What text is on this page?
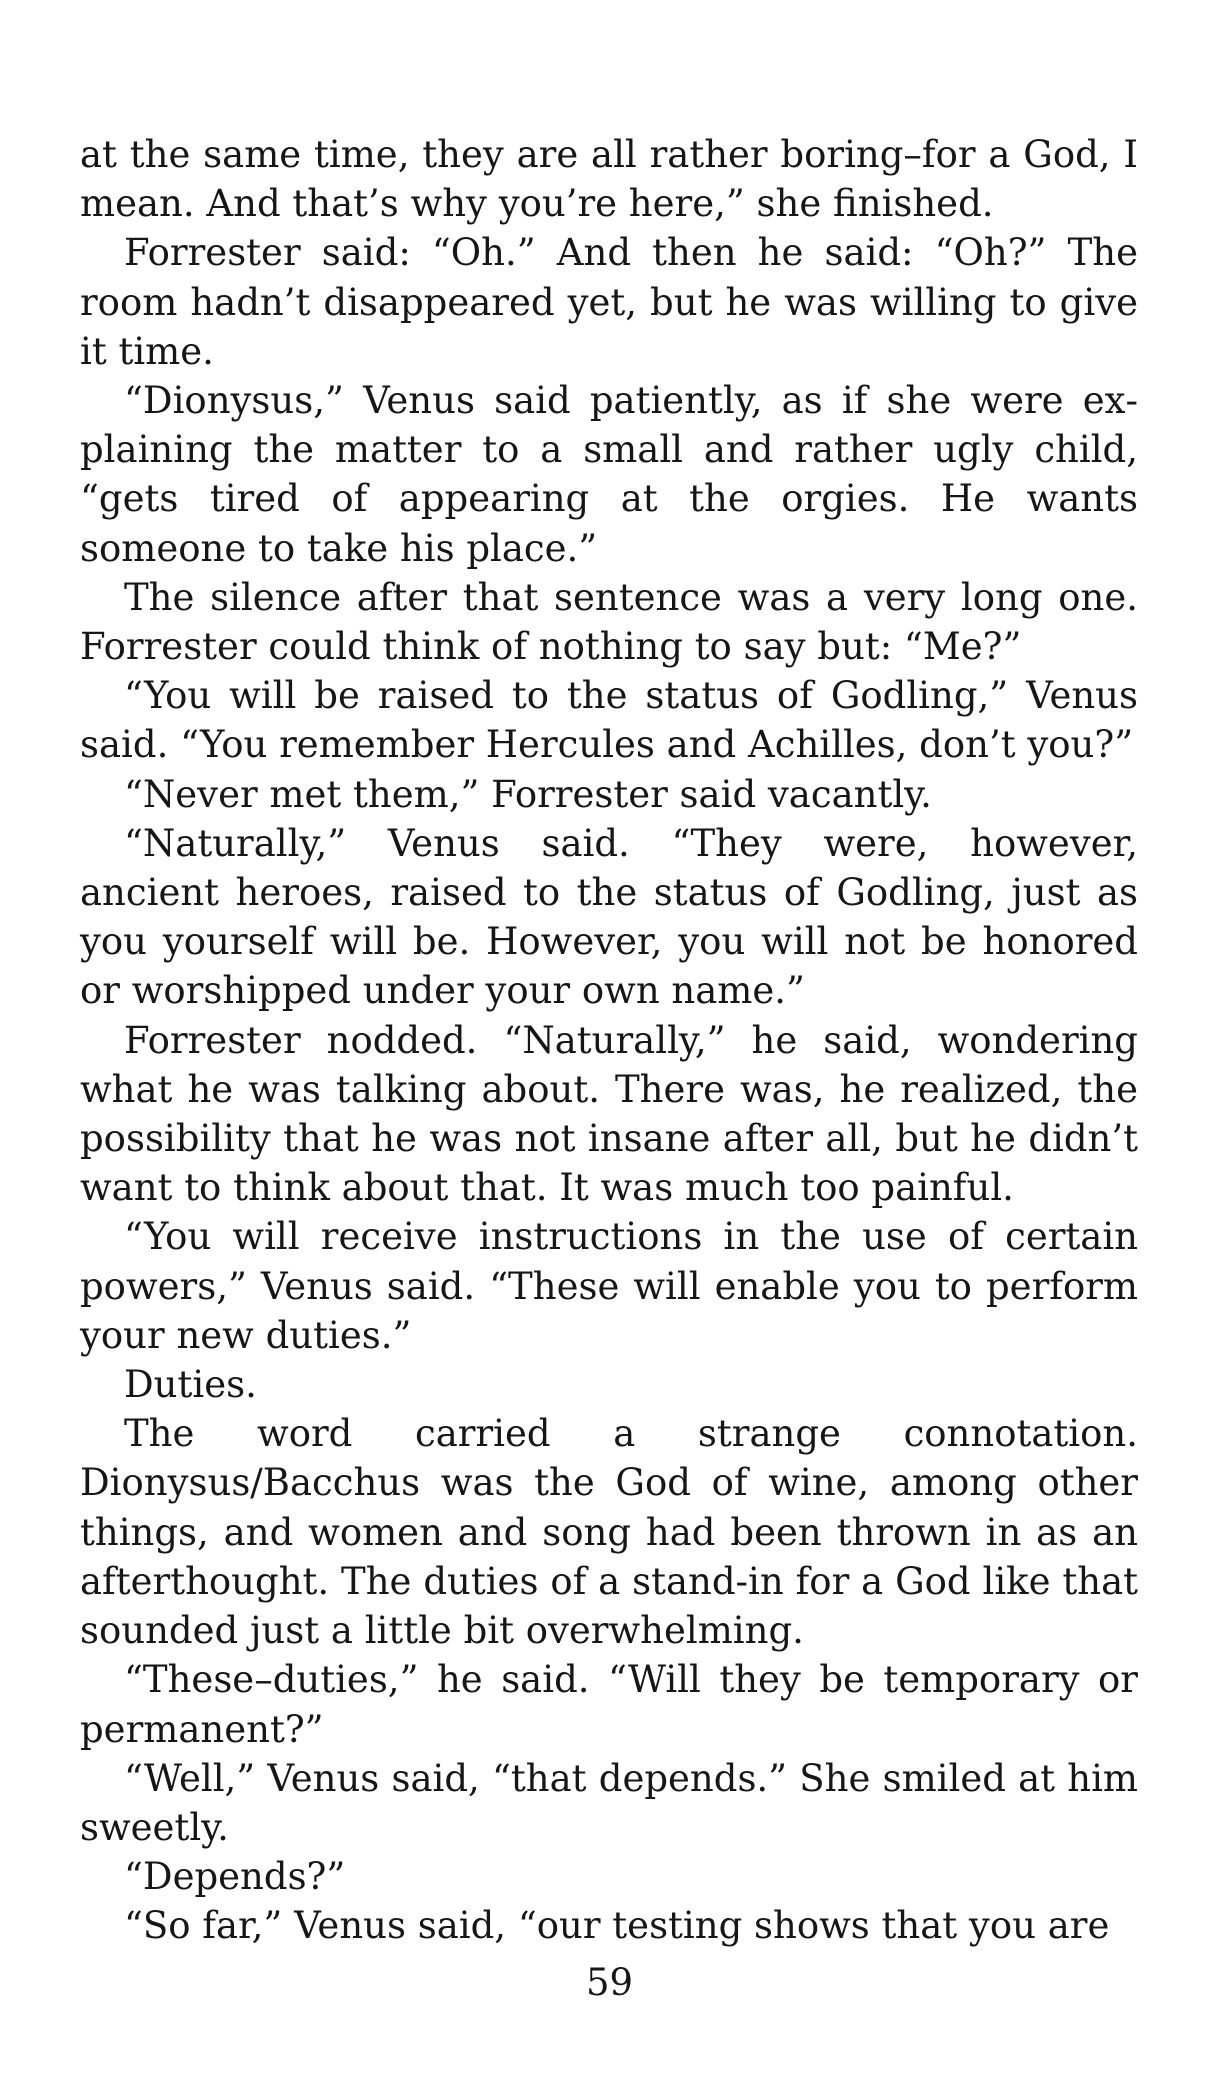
at the same time, they are all rather boring–for a God, I mean. And that’s why you’re here,” she finished.

Forrester said: “Oh.” And then he said: “Oh?” The room hadn’t disappeared yet, but he was willing to give it time.

“Dionysus,” Venus said patiently, as if she were explaining the matter to a small and rather ugly child, “gets tired of appearing at the orgies. He wants someone to take his place.”

The silence after that sentence was a very long one. Forrester could think of nothing to say but: “Me?”

“You will be raised to the status of Godling,” Venus said. “You remember Hercules and Achilles, don’t you?”

“Never met them,” Forrester said vacantly.

“Naturally,” Venus said. “They were, however, ancient heroes, raised to the status of Godling, just as you yourself will be. However, you will not be honored or worshipped under your own name.”

Forrester nodded. “Naturally,” he said, wondering what he was talking about. There was, he realized, the possibility that he was not insane after all, but he didn’t want to think about that. It was much too painful.

“You will receive instructions in the use of certain powers,” Venus said. “These will enable you to perform your new duties.”

Duties.

The word carried a strange connotation. Dionysus/Bacchus was the God of wine, among other things, and women and song had been thrown in as an afterthought. The duties of a stand-in for a God like that sounded just a little bit overwhelming.

“These–duties,” he said. “Will they be temporary or permanent?”

“Well,” Venus said, “that depends.” She smiled at him sweetly.

“Depends?”

“So far,” Venus said, “our testing shows that you are

59
